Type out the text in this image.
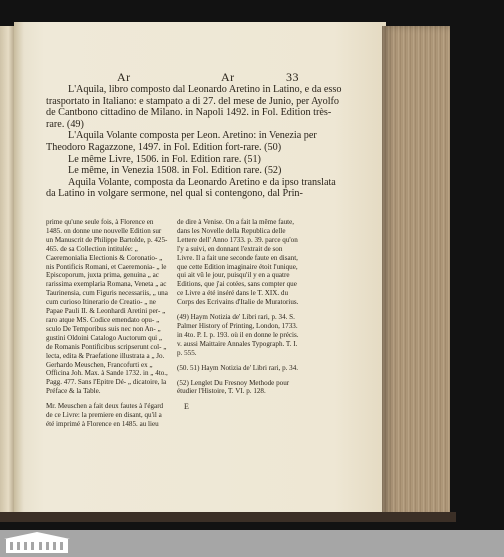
Ar	Ar	33

L'Aquila, libro composto dal Leonardo Aretino in Latino, e da esso trasportato in Italiano: e stampato a di 27. del mese de Junio, per Ayolfo de Cantbono cittadino de Milano. in Napoli 1492. in Fol. Edition très-rare. (49)

L'Aquila Volante composta per Leon. Aretino: in Venezia per Theodoro Ragazzone, 1497. in Fol. Edition fort-rare. (50)

Le même Livre, 1506. in Fol. Edition rare. (51)

Le même, in Venezia 1508. in Fol. Edition rare. (52)

Aquila Volante, composta da Leonardo Aretino e da ipso translata da Latino in volgare sermone, nel qual si contengono, dal Prin-

prime qu'une seule fois, à Florence en 1485. on donne une nouvelle Edition sur un Manuscrit de Philippe Bartolde, p. 425-465. de sa Collection intitulée: „ Caeremonialia Electionis & Coronatio- „ nis Pontificis Romani, et Caeremonia- „ le Episcoporum, juxta prima, genuina „ ac rarissima exemplaria Romana, Veneta „ ac Taurinensia, cum Figuris necessariis, „ una cum curioso Itinerario de Creatio- „ ne Papae Pauli II. & Leonhardi Aretini per- „ raro atque MS. Codice emendato opu- „ sculo De Temporibus suis nec non An- „ gustini Oldoini Catalogo Auctorum qui „ de Romanis Pontificibus scripserunt col- „ lecta, edita & Praefatione illustrata a „ Jo. Gerhardo Meuschen, Francofurti ex „ Officina Joh. Max. à Sande 1732. in „ 4to., Pagg. 477. Sans l'Epitre Dé- „ dicatoire, la Préface & la Table.

Mr. Meuschen a fait deux fautes à l'égard de ce Livre: la premiere en disant, qu'il a été imprimé à Florence en 1485. au lieu

de dire à Venise. On a fait la même faute, dans les Novelle della Republica delle Lettere dell' Anno 1733. p. 39. parce qu'on l'y a suivi, en donnant l'extrait de son Livre. Il a fait une seconde faute en disant, que cette Edition imaginaire étoit l'unique, qui ait vû le jour, puisqu'il y en a quatre Editions, que j'ai cotées, sans compter que ce Livre a été inséré dans le T. XIX. du Corps des Ecrivains d'Italie de Muratorius.

(49) Haym Notizia de' Libri rari, p. 34. S. Palmer History of Printing, London, 1733. in 4to. P. I. p. 193. où il en donne le précis. v. aussi Maittaire Annales Typograph. T. I. p. 555.

(50. 51) Haym Notizia de' Libri rari, p. 34.

(52) Lenglet Du Fresnoy Methode pour étudier l'Histoire, T. VI. p. 128.

E
